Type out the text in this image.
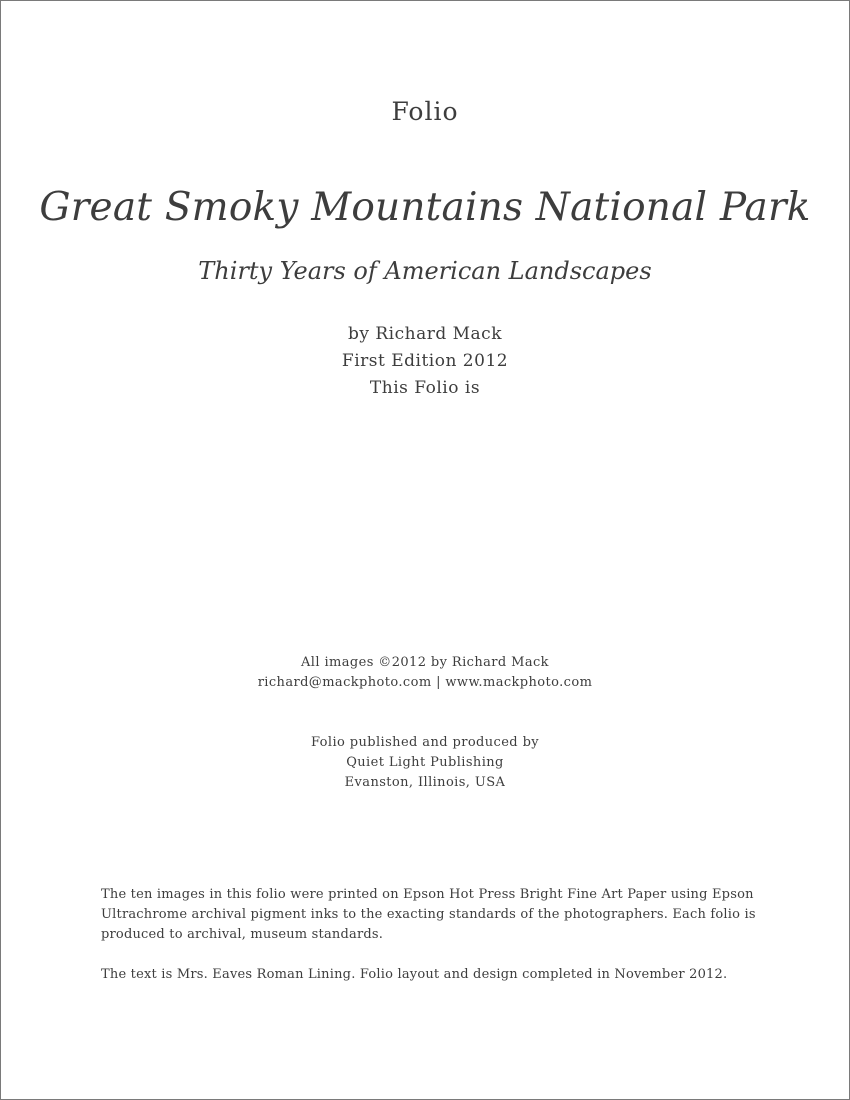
Folio
Great Smoky Mountains National Park
Thirty Years of American Landscapes
by Richard Mack
First Edition 2012
This Folio is
All images ©2012 by Richard Mack
richard@mackphoto.com | www.mackphoto.com
Folio published and produced by
Quiet Light Publishing
Evanston, Illinois, USA
The ten images in this folio were printed on Epson Hot Press Bright Fine Art Paper using Epson
Ultrachrome archival pigment inks to the exacting standards of the photographers. Each folio is
produced to archival, museum standards.
The text is Mrs. Eaves Roman Lining. Folio layout and design completed in November 2012.
